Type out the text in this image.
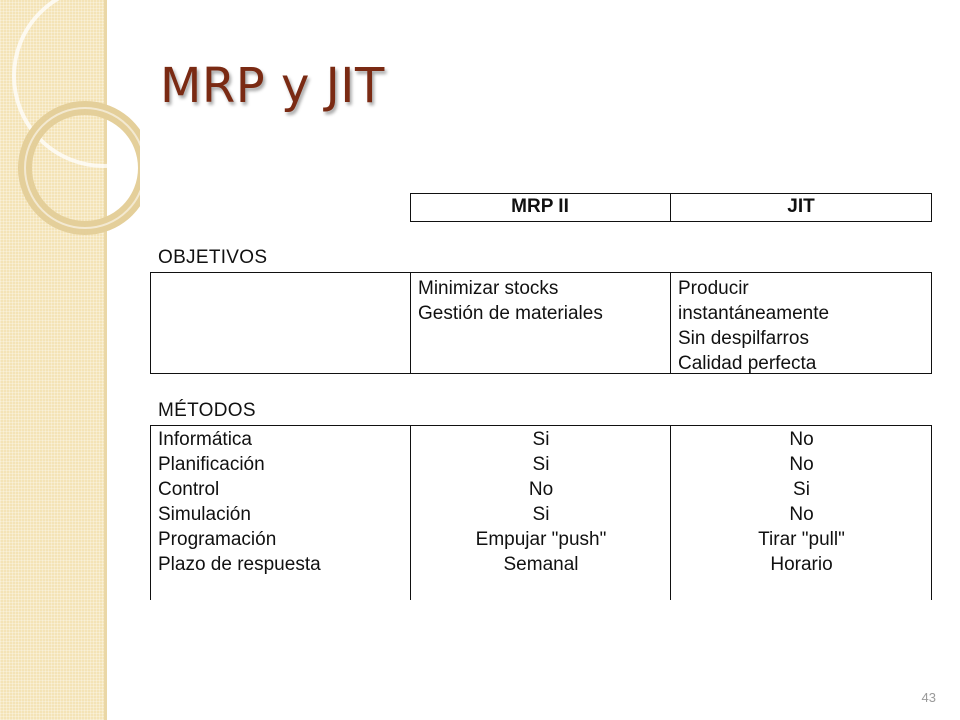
MRP y JIT
MRP II	JIT
OBJETIVOS
Minimizar stocks
Gestión de materiales
Producir
instantáneamente
Sin despilfarros
Calidad perfecta
MÉTODOS
Informática
Planificación
Control
Simulación
Programación
Plazo de respuesta
Si
Si
No
Si
Empujar "push"
Semanal
No
No
Si
No
Tirar "pull"
Horario
43
